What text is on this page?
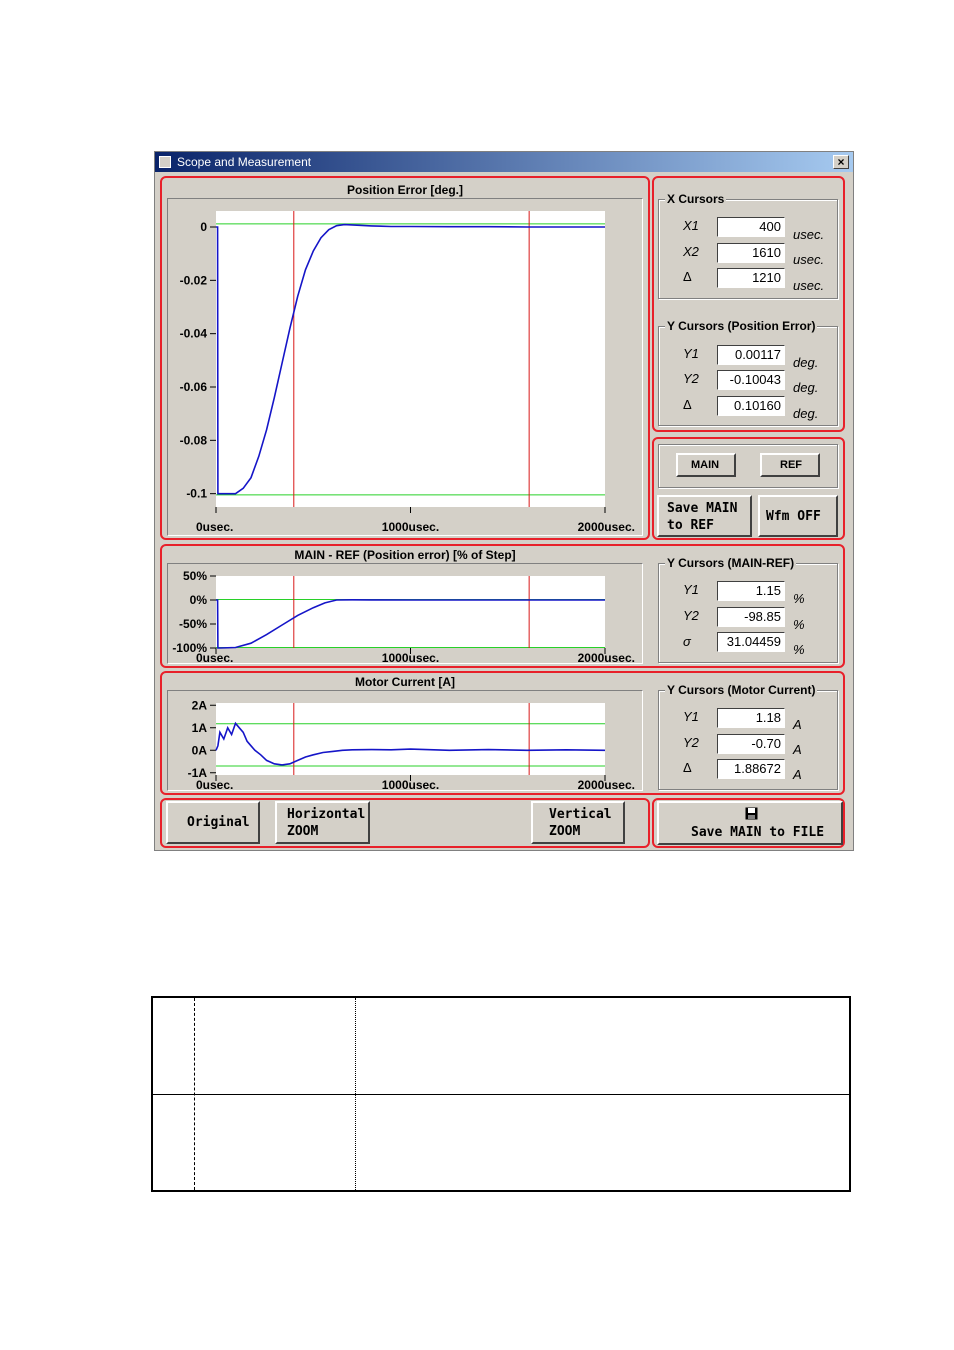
Scope and Measurement	×
Position Error [deg.]
0
-0.02
-0.04
-0.06
-0.08
-0.1
0usec.	1000usec.	2000usec.
MAIN - REF (Position error) [% of Step]
50%
0%
-50%
-100%
0usec.	1000usec.	2000usec.
Motor Current [A]
2A
1A
0A
-1A
0usec.	1000usec.	2000usec.
X Cursors
X1	400
usec.
X2	1610 usec.
Δ	1210
usec.
Y Cursors (Position Error)
Y1	0.00117
deg.
Y2	-0.10043
deg.
Δ	0.10160
deg.
MAIN	REF
Save MAIN
to REF
Wfm OFF
Y Cursors (MAIN-REF)
Y1	1.15
%
Y2	-98.85
%
σ	31.04459
%
Y Cursors (Motor Current)
Y1	1.18 A
Y2	-0.70 A
Δ	1.88672 A
Original
Horizontal
ZOOM
Vertical
ZOOM	Save MAIN to FILE
